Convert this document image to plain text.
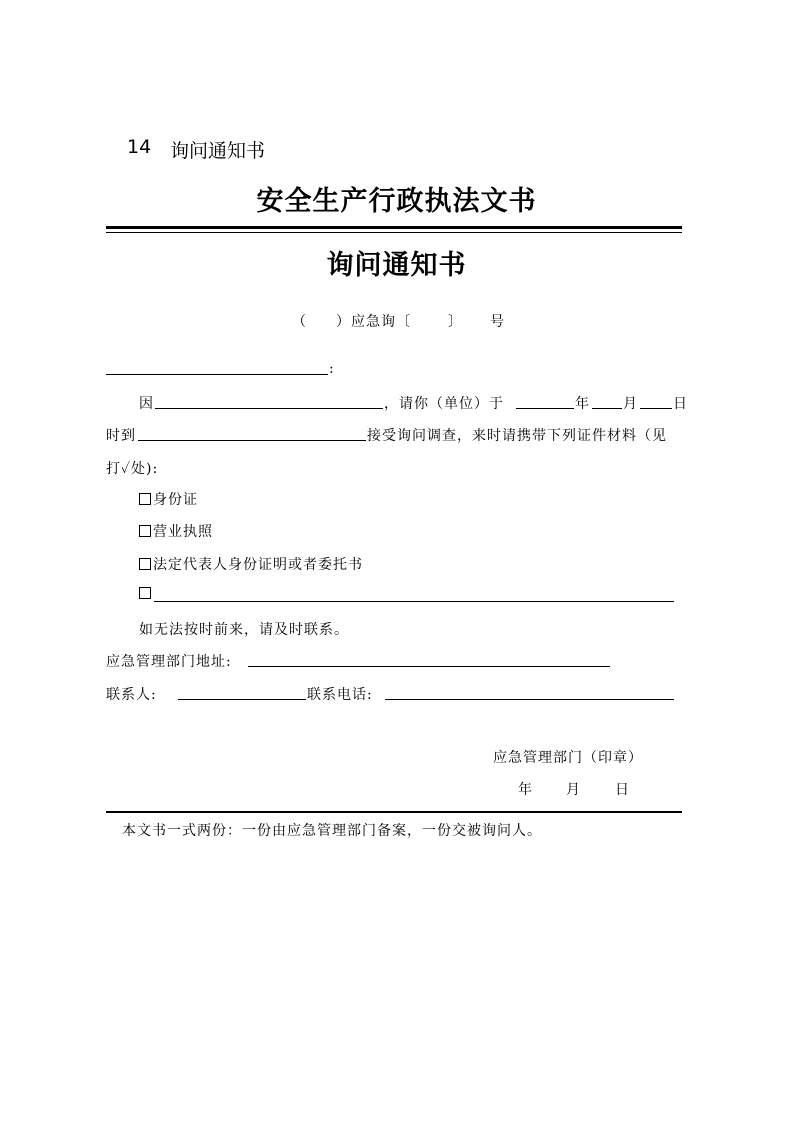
14 询问通知书
安全生产行政执法文书
询问通知书
（ ）应急询〔	〕 号
:
因	，请你（单位）于	年 月	日
时到	接受询问调查，来时请携带下列证件材料（见
打✓处):
身份证
营业执照
法定代表人身份证明或者委托书
如无法按时前来，请及时联系。
应急管理部门地址:
联系人:	联系电话:
应急管理部门（印章）
年 月 日
本文书一式两份：一份由应急管理部门备案，一份交被询问人。
